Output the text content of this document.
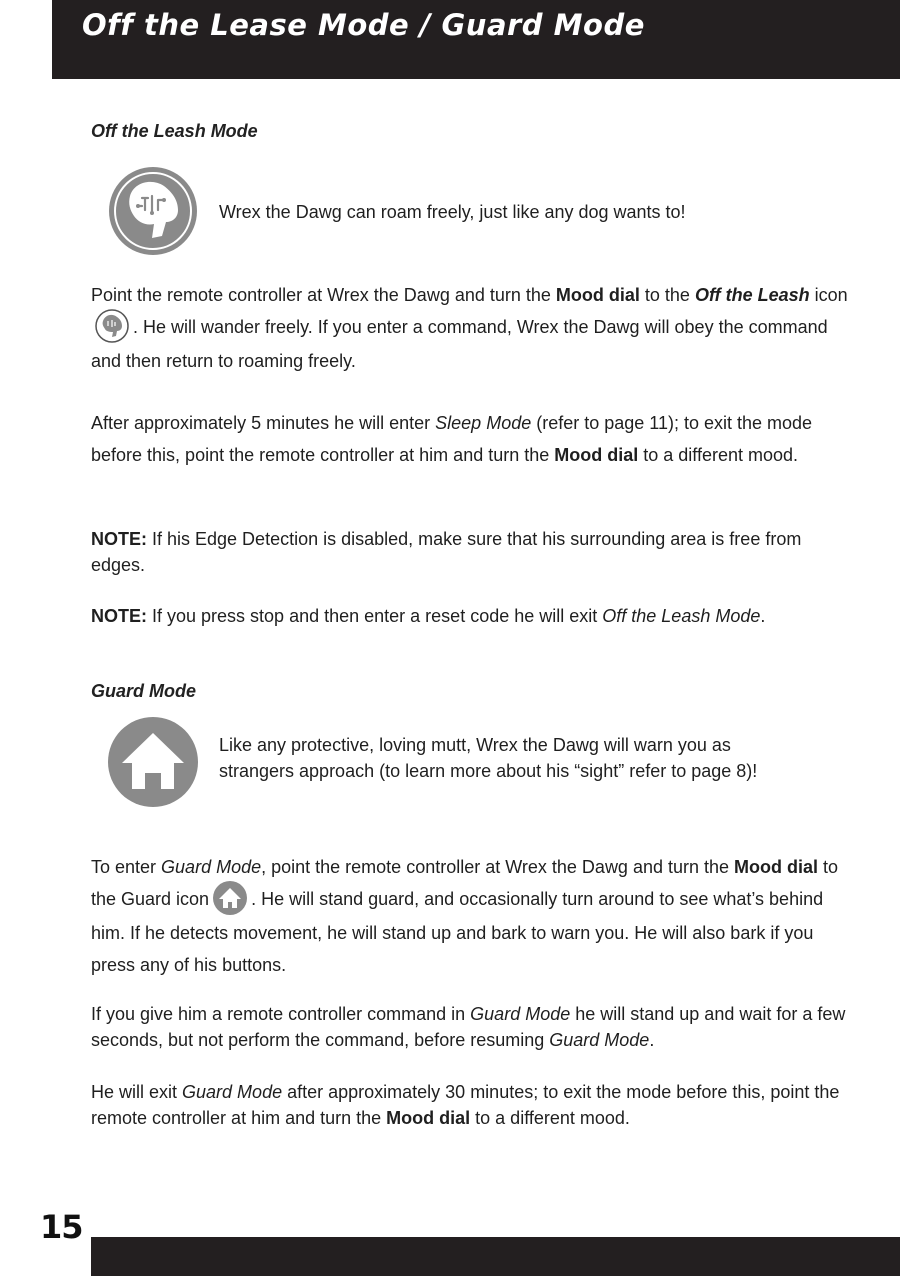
Off the Lease Mode / Guard Mode
Off the Leash Mode

Wrex the Dawg can roam freely, just like any dog wants to!

Point the remote controller at Wrex the Dawg and turn the Mood dial to the Off the Leash icon. He will wander freely. If you enter a command, Wrex the Dawg will obey the command and then return to roaming freely.

After approximately 5 minutes he will enter Sleep Mode (refer to page 11); to exit the mode before this, point the remote controller at him and turn the Mood dial to a different mood.

NOTE: If his Edge Detection is disabled, make sure that his surrounding area is free from edges.

NOTE: If you press stop and then enter a reset code he will exit Off the Leash Mode.

Guard Mode

Like any protective, loving mutt, Wrex the Dawg will warn you as
strangers approach (to learn more about his “sight” refer to page 8)!

To enter Guard Mode, point the remote controller at Wrex the Dawg and turn the Mood dial to the Guard icon . He will stand guard, and occasionally turn around to see what’s behind him. If he detects movement, he will stand up and bark to warn you. He will also bark if you press any of his buttons.

If you give him a remote controller command in Guard Mode he will stand up and wait for a few seconds, but not perform the command, before resuming Guard Mode.

He will exit Guard Mode after approximately 30 minutes; to exit the mode before this, point the remote controller at him and turn the Mood dial to a different mood.

15
